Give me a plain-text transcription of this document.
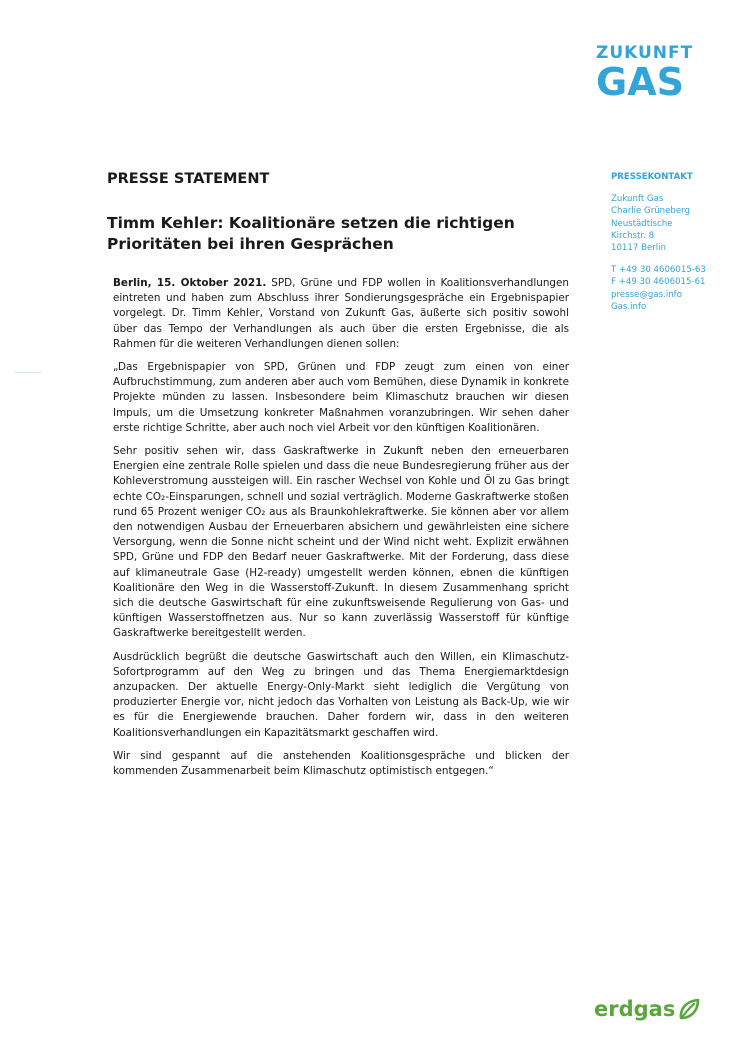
ZUKUNFT
GAS
PRESSE STATEMENT
Timm Kehler: Koalitionäre setzen die richtigen Prioritäten bei ihren Gesprächen

Berlin, 15. Oktober 2021. SPD, Grüne und FDP wollen in Koalitionsverhandlungen eintreten und haben zum Abschluss ihrer Sondierungsgespräche ein Ergebnispapier vorgelegt. Dr. Timm Kehler, Vorstand von Zukunft Gas, äußerte sich positiv sowohl über das Tempo der Verhandlungen als auch über die ersten Ergebnisse, die als Rahmen für die weiteren Verhandlungen dienen sollen:

„Das Ergebnispapier von SPD, Grünen und FDP zeugt zum einen von einer Aufbruchstimmung, zum anderen aber auch vom Bemühen, diese Dynamik in konkrete Projekte münden zu lassen. Insbesondere beim Klimaschutz brauchen wir diesen Impuls, um die Umsetzung konkreter Maßnahmen voranzubringen. Wir sehen daher erste richtige Schritte, aber auch noch viel Arbeit vor den künftigen Koalitionären.

Sehr positiv sehen wir, dass Gaskraftwerke in Zukunft neben den erneuerbaren Energien eine zentrale Rolle spielen und dass die neue Bundesregierung früher aus der Kohleverstromung aussteigen will. Ein rascher Wechsel von Kohle und Öl zu Gas bringt echte CO₂-Einsparungen, schnell und sozial verträglich. Moderne Gaskraftwerke stoßen rund 65 Prozent weniger CO₂ aus als Braunkohlekraftwerke. Sie können aber vor allem den notwendigen Ausbau der Erneuerbaren absichern und gewährleisten eine sichere Versorgung, wenn die Sonne nicht scheint und der Wind nicht weht. Explizit erwähnen SPD, Grüne und FDP den Bedarf neuer Gaskraftwerke. Mit der Forderung, dass diese auf klimaneutrale Gase (H2-ready) umgestellt werden können, ebnen die künftigen Koalitionäre den Weg in die Wasserstoff-Zukunft. In diesem Zusammenhang spricht sich die deutsche Gaswirtschaft für eine zukunftsweisende Regulierung von Gas- und künftigen Wasserstoffnetzen aus. Nur so kann zuverlässig Wasserstoff für künftige Gaskraftwerke bereitgestellt werden.

Ausdrücklich begrüßt die deutsche Gaswirtschaft auch den Willen, ein Klimaschutz-Sofortprogramm auf den Weg zu bringen und das Thema Energiemarktdesign anzupacken. Der aktuelle Energy-Only-Markt sieht lediglich die Vergütung von produzierter Energie vor, nicht jedoch das Vorhalten von Leistung als Back-Up, wie wir es für die Energiewende brauchen. Daher fordern wir, dass in den weiteren Koalitionsverhandlungen ein Kapazitätsmarkt geschaffen wird.

Wir sind gespannt auf die anstehenden Koalitionsgespräche und blicken der kommenden Zusammenarbeit beim Klimaschutz optimistisch entgegen.“

PRESSEKONTAKT
Zukunft Gas
Charlie Grüneberg
Neustädtische
Kirchstr. 8
10117 Berlin
T +49 30 4606015-63
F +49 30 4606015-61
presse@gas.info
Gas.info
erdgas
